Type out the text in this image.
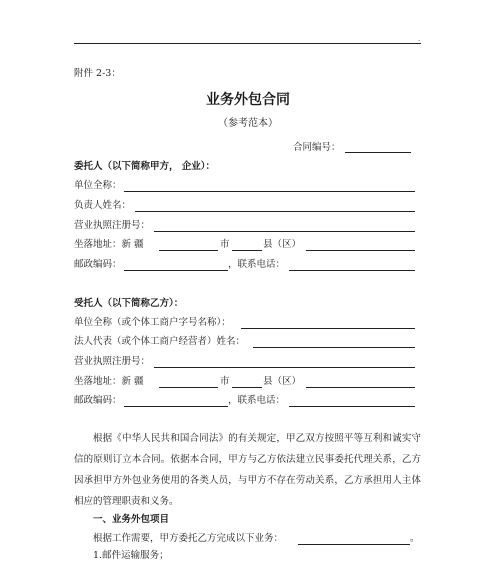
.
附件 2-3：
业务外包合同
（参考范本）
合同编号：
委托人（以下简称甲方， 企业）：
单位全称：
负责人姓名：
营业执照注册号：
坐落地址：新 疆	市	县（区）
邮政编码：	，联系电话：
受托人（以下简称乙方）：
单位全称（或个体工商户字号名称）：
法人代表（或个体工商户经营者）姓名：
营业执照注册号：
坐落地址：新 疆	市	县（区）
邮政编码：	，联系电话：
根据《中华人民共和国合同法》的有关规定，甲乙双方按照平等互利和诚实守信的原则订立本合同。依据本合同，甲方与乙方依法建立民事委托代理关系，乙方因承担甲方外包业务使用的各类人员，与甲方不存在劳动关系，乙方承担用人主体相应的管理职责和义务。
一、业务外包项目
根据工作需要，甲方委托乙方完成以下业务：	。
1.邮件运输服务；
